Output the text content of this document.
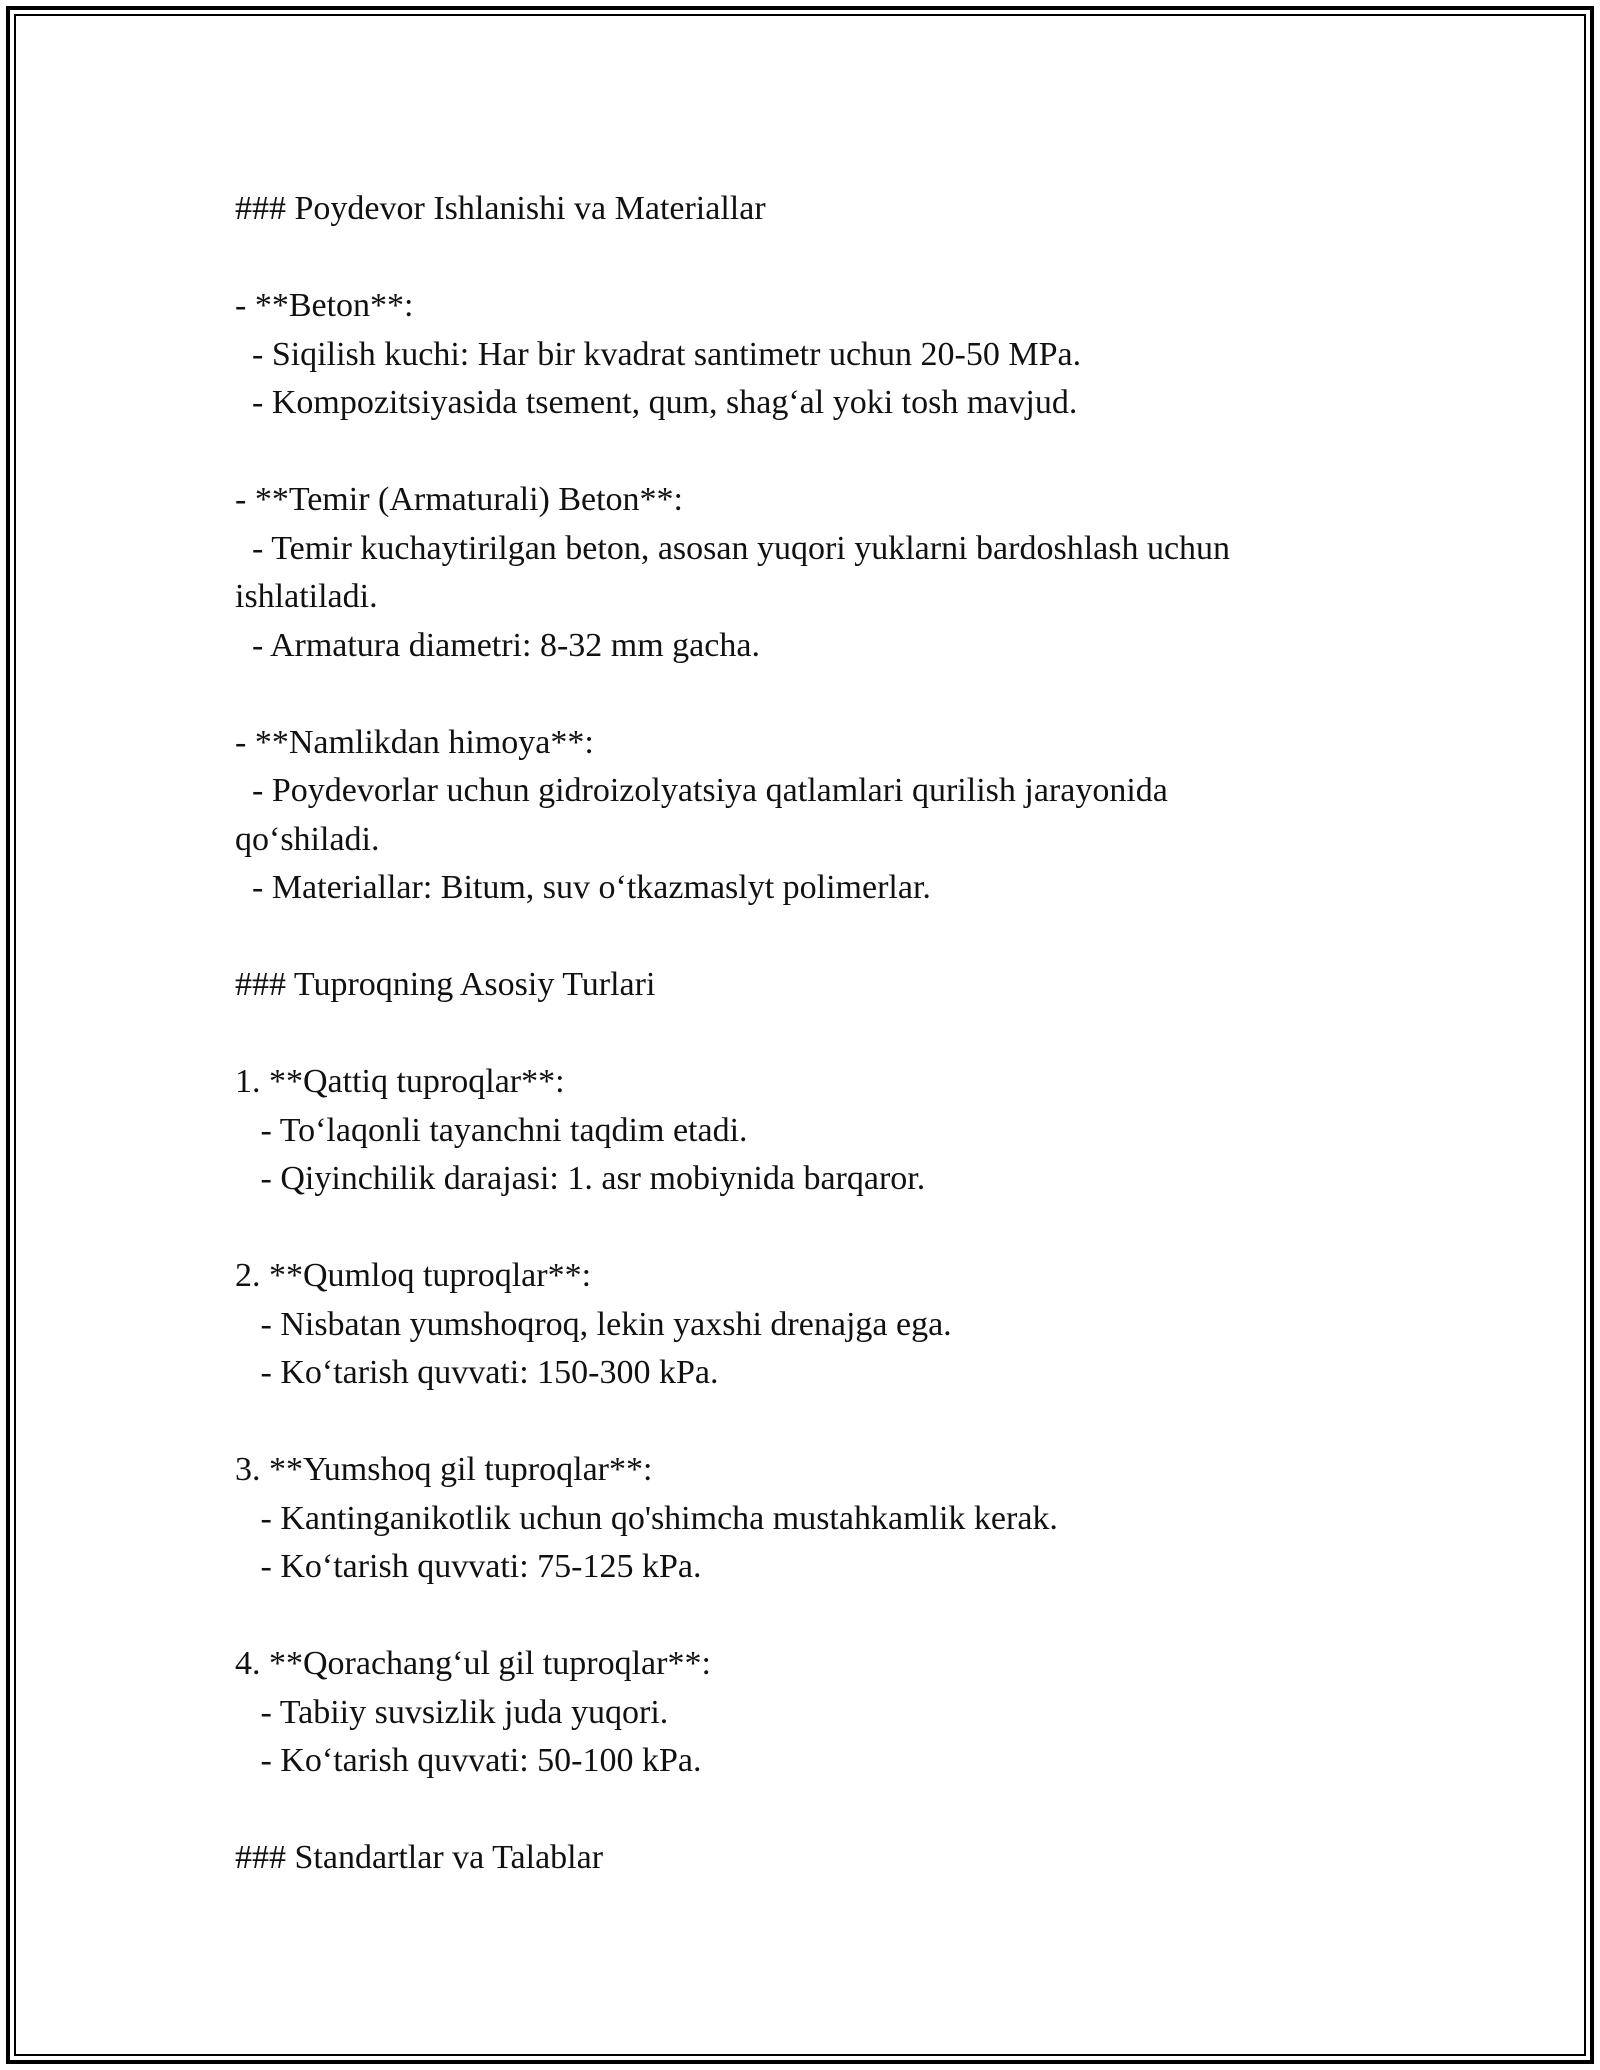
### Poydevor Ishlanishi va Materiallar

- **Beton**:

- Siqilish kuchi: Har bir kvadrat santimetr uchun 20-50 MPa.

- Kompozitsiyasida tsement, qum, shag‘al yoki tosh mavjud.

- **Temir (Armaturali) Beton**:

- Temir kuchaytirilgan beton, asosan yuqori yuklarni bardoshlash uchun

ishlatiladi.

- Armatura diametri: 8-32 mm gacha.

- **Namlikdan himoya**:

- Poydevorlar uchun gidroizolyatsiya qatlamlari qurilish jarayonida

qo‘shiladi.

- Materiallar: Bitum, suv o‘tkazmaslyt polimerlar.

### Tuproqning Asosiy Turlari

1. **Qattiq tuproqlar**:

- To‘laqonli tayanchni taqdim etadi.

- Qiyinchilik darajasi: 1. asr mobiynida barqaror.

2. **Qumloq tuproqlar**:

- Nisbatan yumshoqroq, lekin yaxshi drenajga ega.

- Ko‘tarish quvvati: 150-300 kPa.

3. **Yumshoq gil tuproqlar**:

- Kantinganikotlik uchun qo'shimcha mustahkamlik kerak.

- Ko‘tarish quvvati: 75-125 kPa.

4. **Qorachang‘ul gil tuproqlar**:

- Tabiiy suvsizlik juda yuqori.

- Ko‘tarish quvvati: 50-100 kPa.

### Standartlar va Talablar
